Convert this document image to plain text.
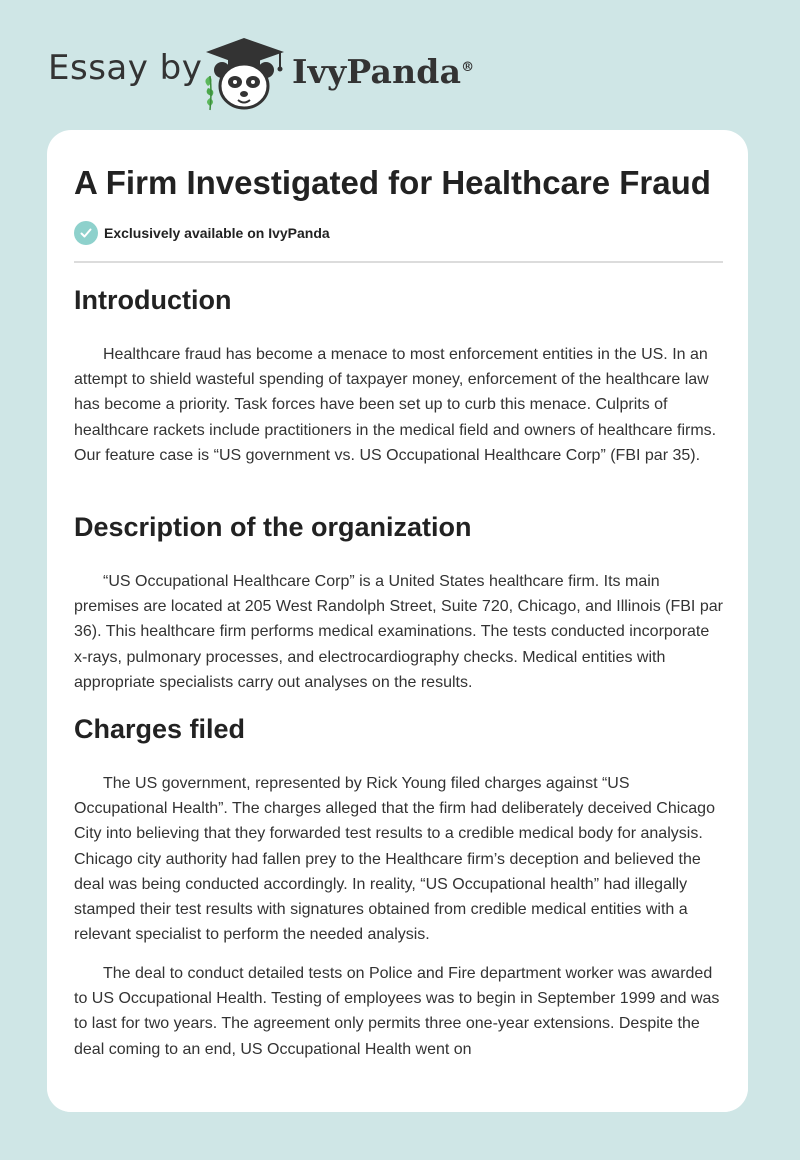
Essay by	IvyPanda®
A Firm Investigated for Healthcare Fraud
Exclusively available on IvyPanda
Introduction

Healthcare fraud has become a menace to most enforcement entities in the US. In an attempt to shield wasteful spending of taxpayer money, enforcement of the healthcare law has become a priority. Task forces have been set up to curb this menace. Culprits of healthcare rackets include practitioners in the medical field and owners of healthcare firms. Our feature case is “US government vs. US Occupational Healthcare Corp” (FBI par 35).

Description of the organization

“US Occupational Healthcare Corp” is a United States healthcare firm. Its main premises are located at 205 West Randolph Street, Suite 720, Chicago, and Illinois (FBI par 36). This healthcare firm performs medical examinations. The tests conducted incorporate x-rays, pulmonary processes, and electrocardiography checks. Medical entities with appropriate specialists carry out analyses on the results.

Charges filed

The US government, represented by Rick Young filed charges against “US Occupational Health”. The charges alleged that the firm had deliberately deceived Chicago City into believing that they forwarded test results to a credible medical body for analysis. Chicago city authority had fallen prey to the Healthcare firm’s deception and believed the deal was being conducted accordingly. In reality, “US Occupational health” had illegally stamped their test results with signatures obtained from credible medical entities with a relevant specialist to perform the needed analysis.

The deal to conduct detailed tests on Police and Fire department worker was awarded to US Occupational Health. Testing of employees was to begin in September 1999 and was to last for two years. The agreement only permits three one-year extensions. Despite the deal coming to an end, US Occupational Health went on
